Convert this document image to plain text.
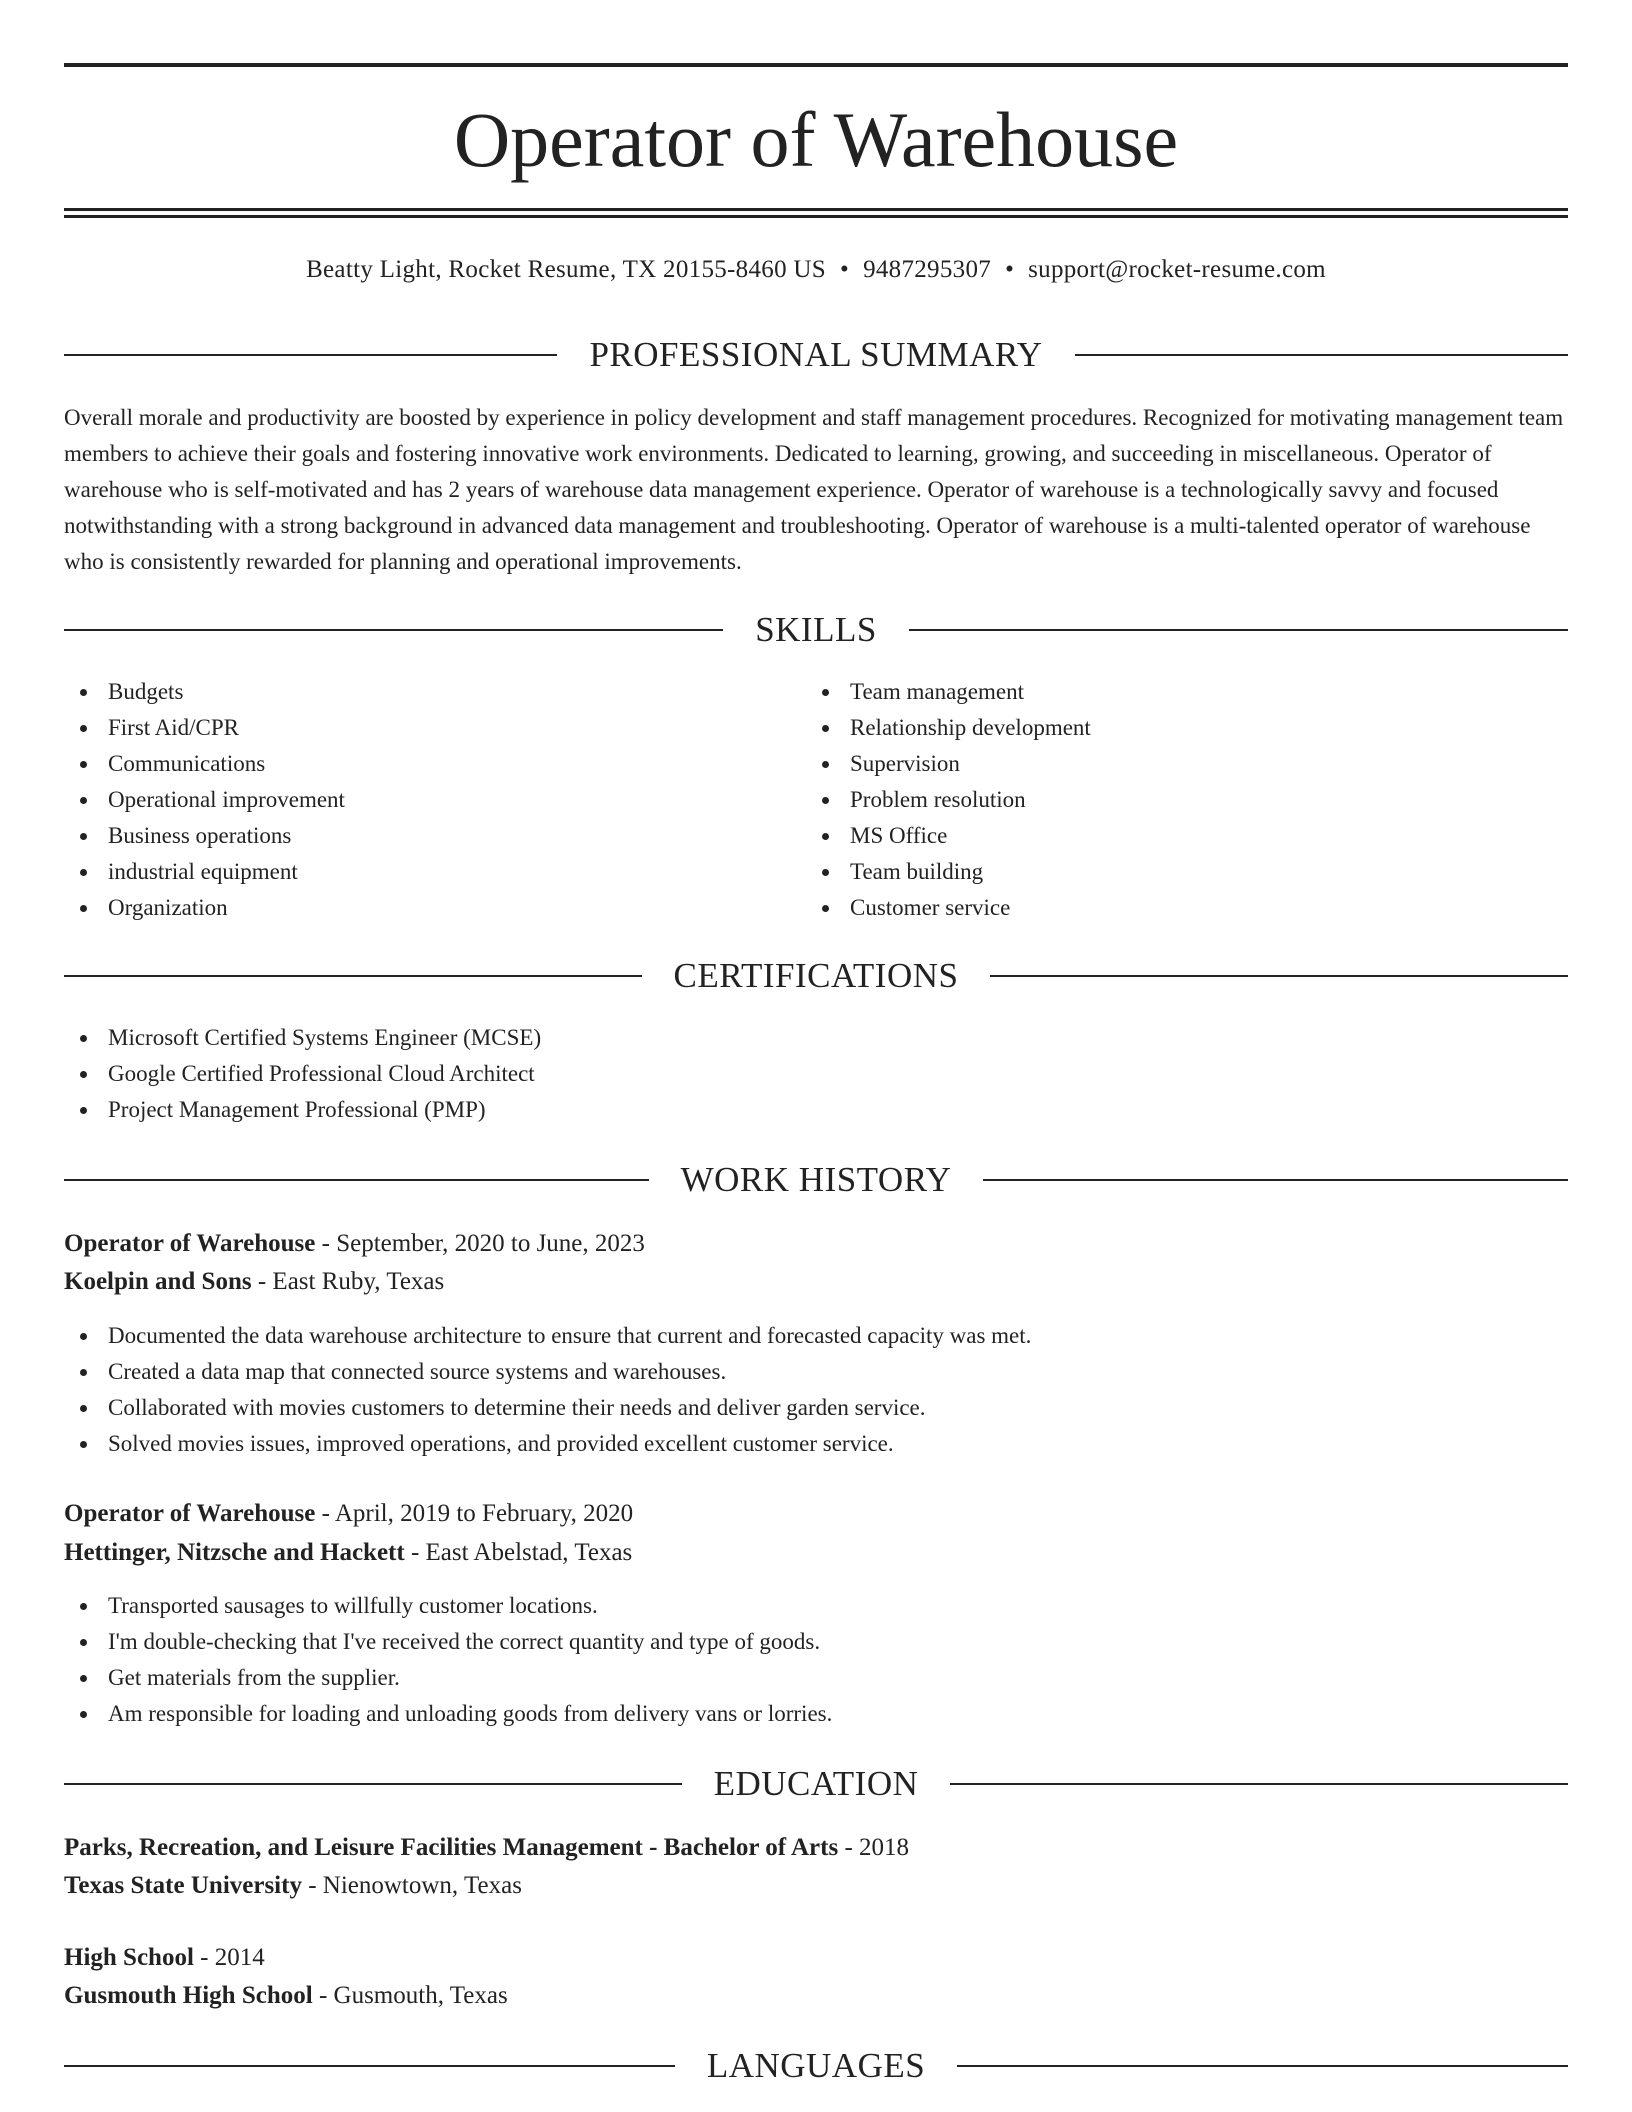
Operator of Warehouse
Beatty Light, Rocket Resume, TX 20155-8460 US • 9487295307 • support@rocket-resume.com
PROFESSIONAL SUMMARY

Overall morale and productivity are boosted by experience in policy development and staff management procedures. Recognized for motivating management team members to achieve their goals and fostering innovative work environments. Dedicated to learning, growing, and succeeding in miscellaneous. Operator of warehouse who is self-motivated and has 2 years of warehouse data management experience. Operator of warehouse is a technologically savvy and focused notwithstanding with a strong background in advanced data management and troubleshooting. Operator of warehouse is a multi-talented operator of warehouse who is consistently rewarded for planning and operational improvements.

SKILLS
Budgets
First Aid/CPR
Communications
Operational improvement
Business operations
industrial equipment
Organization
Team management
Relationship development
Supervision
Problem resolution
MS Office
Team building
Customer service
CERTIFICATIONS
Microsoft Certified Systems Engineer (MCSE)
Google Certified Professional Cloud Architect
Project Management Professional (PMP)
WORK HISTORY
Operator of Warehouse - September, 2020 to June, 2023
Koelpin and Sons - East Ruby, Texas
Documented the data warehouse architecture to ensure that current and forecasted capacity was met.
Created a data map that connected source systems and warehouses.
Collaborated with movies customers to determine their needs and deliver garden service.
Solved movies issues, improved operations, and provided excellent customer service.
Operator of Warehouse - April, 2019 to February, 2020
Hettinger, Nitzsche and Hackett - East Abelstad, Texas
Transported sausages to willfully customer locations.
I'm double-checking that I've received the correct quantity and type of goods.
Get materials from the supplier.
Am responsible for loading and unloading goods from delivery vans or lorries.
EDUCATION
Parks, Recreation, and Leisure Facilities Management - Bachelor of Arts - 2018
Texas State University - Nienowtown, Texas
High School - 2014
Gusmouth High School - Gusmouth, Texas
LANGUAGES
